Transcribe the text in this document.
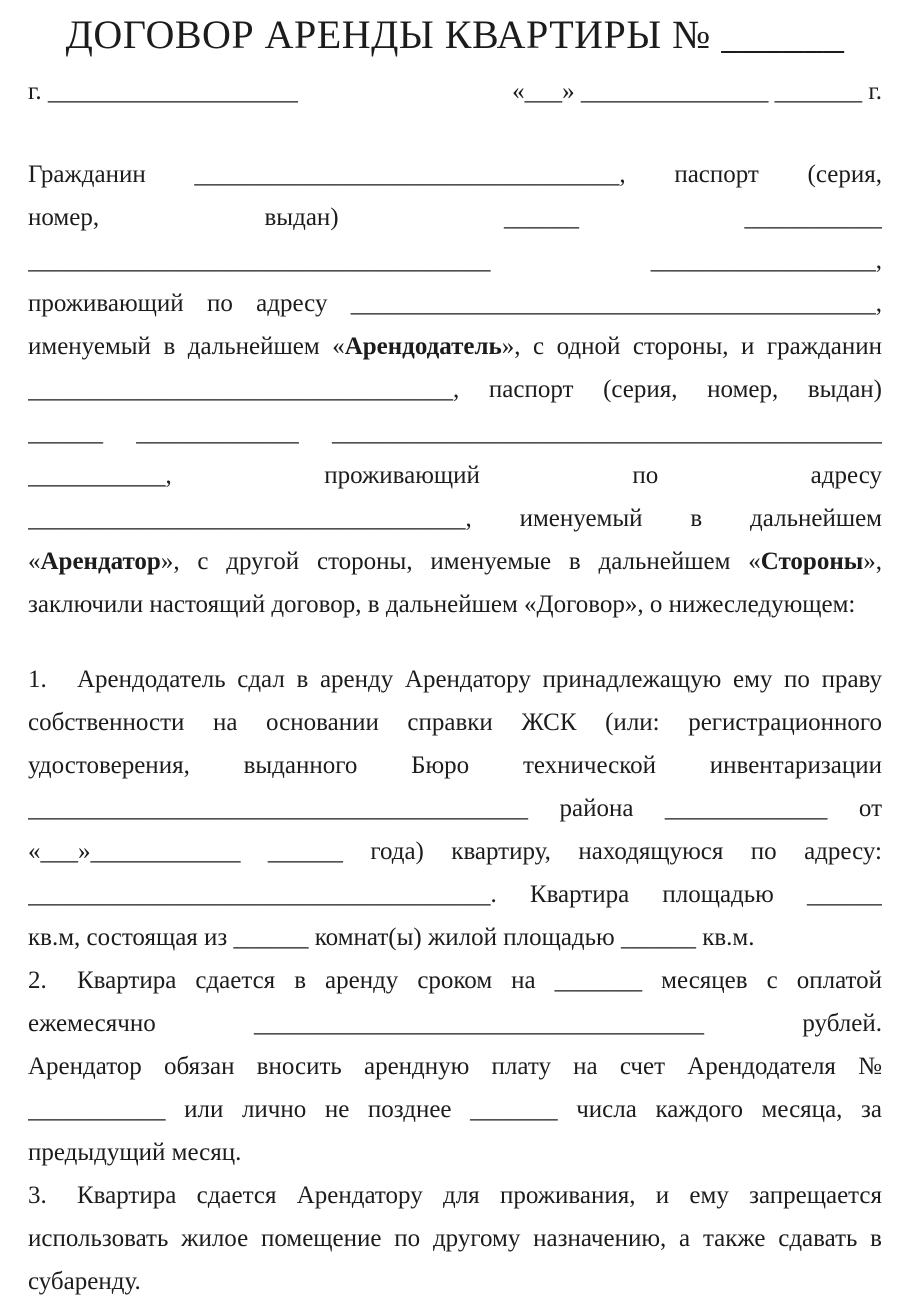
ДОГОВОР АРЕНДЫ КВАРТИРЫ № ______
г. ____________________	«___» _______________ _______ г.
Гражданин __________________________________, паспорт (серия,
номер, выдан) ______ ___________
_____________________________________ __________________,
проживающий по адресу __________________________________________,
именуемый в дальнейшем «Арендодатель», с одной стороны, и гражданин
__________________________________, паспорт (серия, номер, выдан)
______ _____________ ____________________________________________
___________, проживающий по адресу
___________________________________, именуемый в дальнейшем
«Арендатор», с другой стороны, именуемые в дальнейшем «Стороны»,
заключили настоящий договор, в дальнейшем «Договор», о нижеследующем:
1. Арендодатель сдал в аренду Арендатору принадлежащую ему по праву
собственности на основании справки ЖСК (или: регистрационного
удостоверения, выданного Бюро технической инвентаризации
________________________________________ района _____________ от
«___»____________ ______ года) квартиру, находящуюся по адресу:
_____________________________________. Квартира площадью ______
кв.м, состоящая из ______ комнат(ы) жилой площадью ______ кв.м.
2. Квартира сдается в аренду сроком на _______ месяцев с оплатой
ежемесячно ____________________________________ рублей.
Арендатор обязан вносить арендную плату на счет Арендодателя №
___________ или лично не позднее _______ числа каждого месяца, за
предыдущий месяц.
3. Квартира сдается Арендатору для проживания, и ему запрещается
использовать жилое помещение по другому назначению, а также сдавать в
субаренду.
